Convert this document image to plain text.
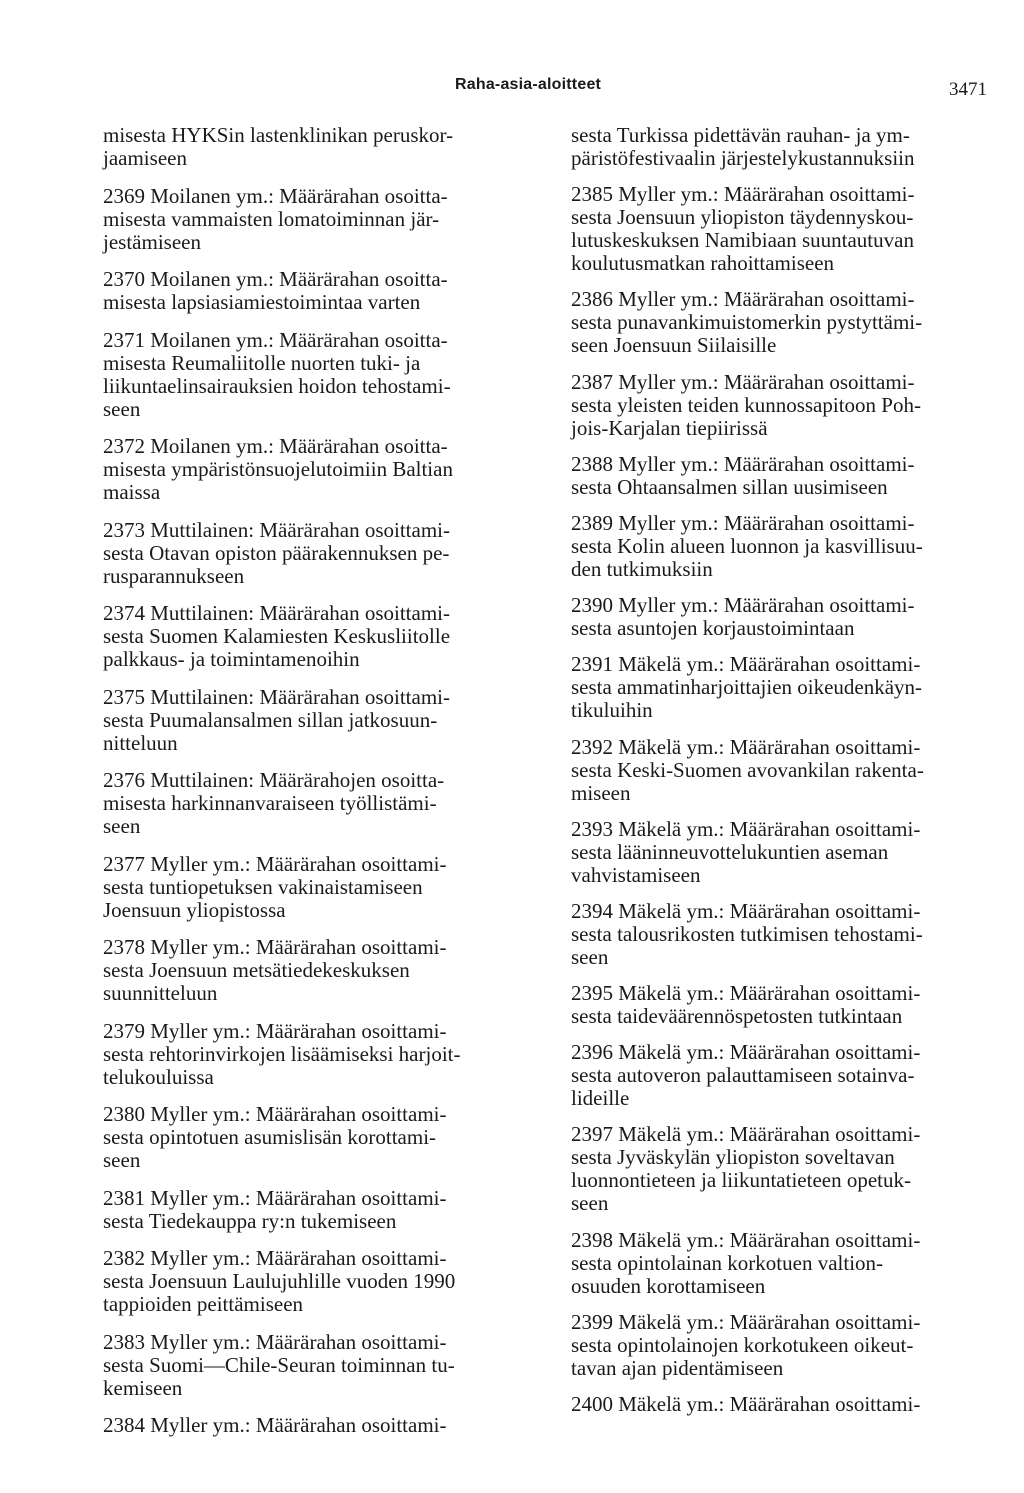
Raha-asia-aloitteet	3471
misesta HYKSin lastenklinikan peruskor-
jaamiseen
2369 Moilanen ym.: Määrärahan osoitta-
misesta vammaisten lomatoiminnan jär-
jestämiseen
2370 Moilanen ym.: Määrärahan osoitta-
misesta lapsiasiamiestoimintaa varten
2371 Moilanen ym.: Määrärahan osoitta-
misesta Reumaliitolle nuorten tuki- ja
liikuntaelinsairauksien hoidon tehostami-
seen
2372 Moilanen ym.: Määrärahan osoitta-
misesta ympäristönsuojelutoimiin Baltian
maissa
2373 Muttilainen: Määrärahan osoittami-
sesta Otavan opiston päärakennuksen pe-
rusparannukseen
2374 Muttilainen: Määrärahan osoittami-
sesta Suomen Kalamiesten Keskusliitolle
palkkaus- ja toimintamenoihin
2375 Muttilainen: Määrärahan osoittami-
sesta Puumalansalmen sillan jatkosuun-
nitteluun
2376 Muttilainen: Määrärahojen osoitta-
misesta harkinnanvaraiseen työllistämi-
seen
2377 Myller ym.: Määrärahan osoittami-
sesta tuntiopetuksen vakinaistamiseen
Joensuun yliopistossa
2378 Myller ym.: Määrärahan osoittami-
sesta Joensuun metsätiedekeskuksen
suunnitteluun
2379 Myller ym.: Määrärahan osoittami-
sesta rehtorinvirkojen lisäämiseksi harjoit-
telukouluissa
2380 Myller ym.: Määrärahan osoittami-
sesta opintotuen asumislisän korottami-
seen
2381 Myller ym.: Määrärahan osoittami-
sesta Tiedekauppa ry:n tukemiseen
2382 Myller ym.: Määrärahan osoittami-
sesta Joensuun Laulujuhlille vuoden 1990
tappioiden peittämiseen
2383 Myller ym.: Määrärahan osoittami-
sesta Suomi—Chile-Seuran toiminnan tu-
kemiseen
2384 Myller ym.: Määrärahan osoittami-
sesta Turkissa pidettävän rauhan- ja ym-
päristöfestivaalin järjestelykustannuksiin
2385 Myller ym.: Määrärahan osoittami-
sesta Joensuun yliopiston täydennyskou-
lutuskeskuksen Namibiaan suuntautuvan
koulutusmatkan rahoittamiseen
2386 Myller ym.: Määrärahan osoittami-
sesta punavankimuistomerkin pystyttämi-
seen Joensuun Siilaisille
2387 Myller ym.: Määrärahan osoittami-
sesta yleisten teiden kunnossapitoon Poh-
jois-Karjalan tiepiirissä
2388 Myller ym.: Määrärahan osoittami-
sesta Ohtaansalmen sillan uusimiseen
2389 Myller ym.: Määrärahan osoittami-
sesta Kolin alueen luonnon ja kasvillisuu-
den tutkimuksiin
2390 Myller ym.: Määrärahan osoittami-
sesta asuntojen korjaustoimintaan
2391 Mäkelä ym.: Määrärahan osoittami-
sesta ammatinharjoittajien oikeudenkäyn-
tikuluihin
2392 Mäkelä ym.: Määrärahan osoittami-
sesta Keski-Suomen avovankilan rakenta-
miseen
2393 Mäkelä ym.: Määrärahan osoittami-
sesta lääninneuvottelukuntien aseman
vahvistamiseen
2394 Mäkelä ym.: Määrärahan osoittami-
sesta talousrikosten tutkimisen tehostami-
seen
2395 Mäkelä ym.: Määrärahan osoittami-
sesta taideväärennöspetosten tutkintaan
2396 Mäkelä ym.: Määrärahan osoittami-
sesta autoveron palauttamiseen sotainva-
lideille
2397 Mäkelä ym.: Määrärahan osoittami-
sesta Jyväskylän yliopiston soveltavan
luonnontieteen ja liikuntatieteen opetuk-
seen
2398 Mäkelä ym.: Määrärahan osoittami-
sesta opintolainan korkotuen valtion-
osuuden korottamiseen
2399 Mäkelä ym.: Määrärahan osoittami-
sesta opintolainojen korkotukeen oikeut-
tavan ajan pidentämiseen
2400 Mäkelä ym.: Määrärahan osoittami-
